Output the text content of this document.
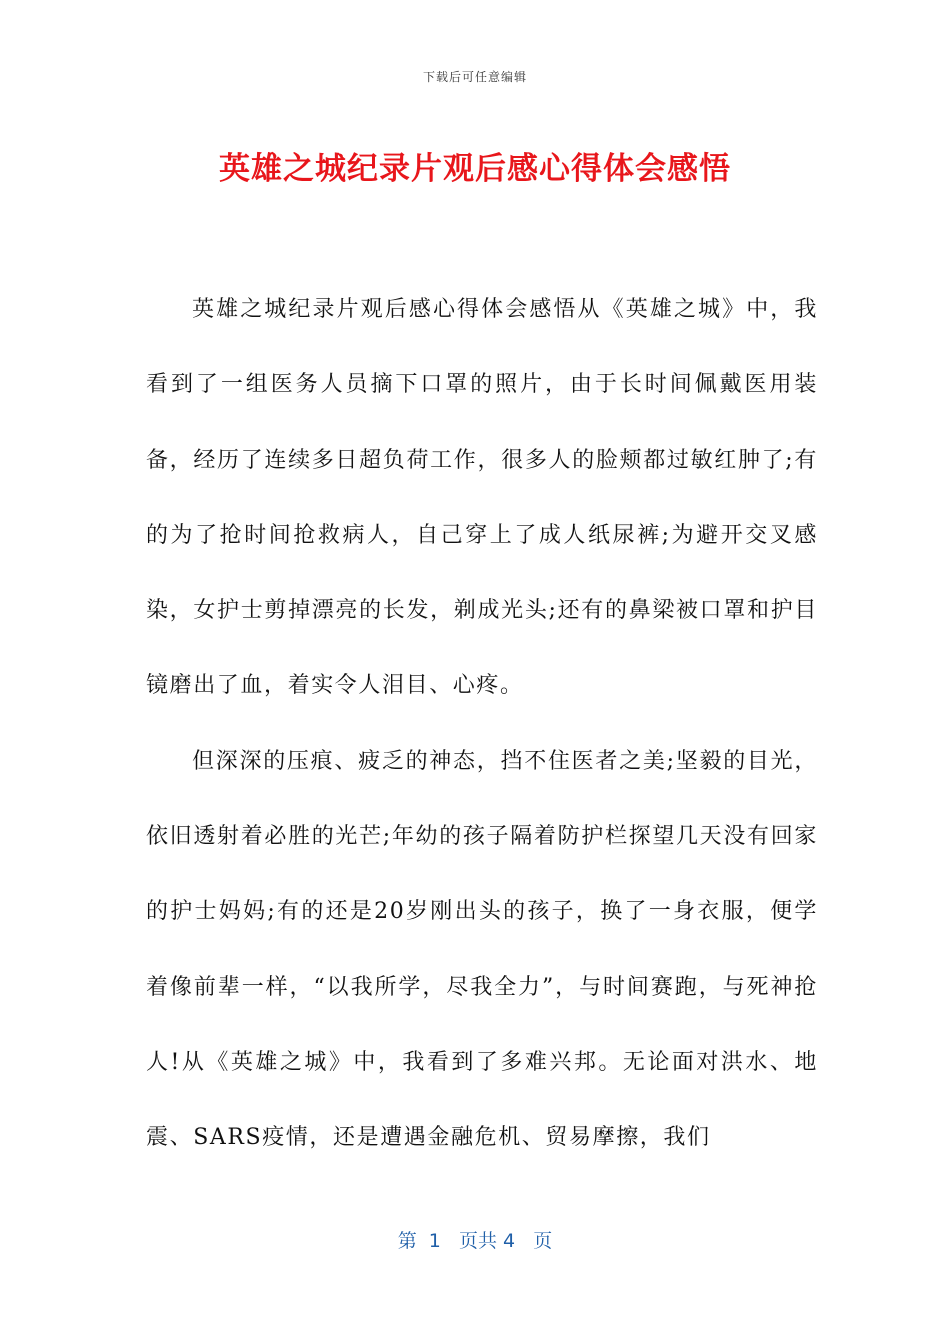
下载后可任意编辑
英雄之城纪录片观后感心得体会感悟

英雄之城纪录片观后感心得体会感悟从《英雄之城》中，我看到了一组医务人员摘下口罩的照片，由于长时间佩戴医用装备，经历了连续多日超负荷工作，很多人的脸颊都过敏红肿了;有的为了抢时间抢救病人，自己穿上了成人纸尿裤;为避开交叉感染，女护士剪掉漂亮的长发，剃成光头;还有的鼻梁被口罩和护目镜磨出了血，着实令人泪目、心疼。

但深深的压痕、疲乏的神态，挡不住医者之美;坚毅的目光，依旧透射着必胜的光芒;年幼的孩子隔着防护栏探望几天没有回家的护士妈妈;有的还是20岁刚出头的孩子，换了一身衣服，便学着像前辈一样，“以我所学，尽我全力”，与时间赛跑，与死神抢人!从《英雄之城》中，我看到了多难兴邦。无论面对洪水、地震、SARS疫情，还是遭遇金融危机、贸易摩擦，我们

第  1   页共 4   页
